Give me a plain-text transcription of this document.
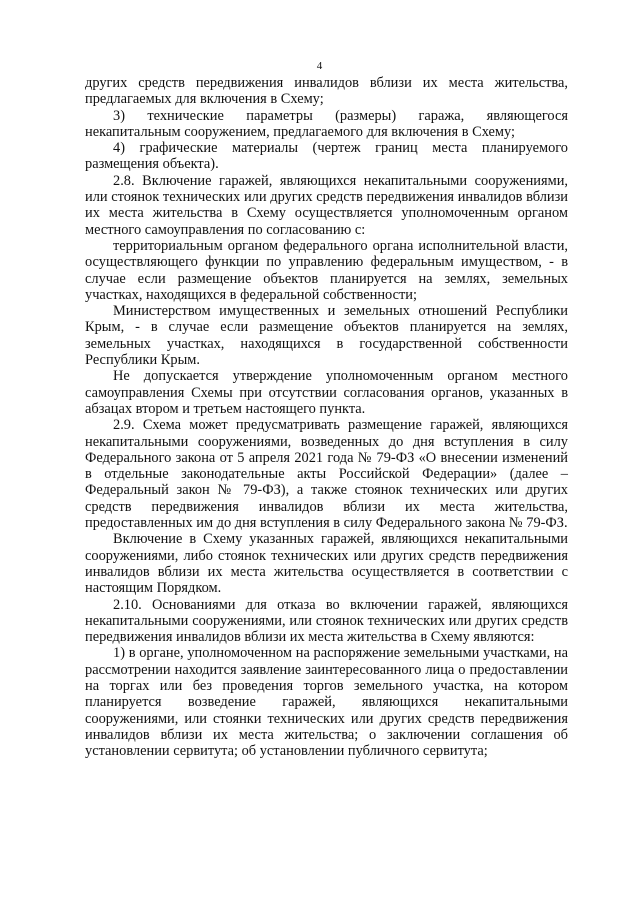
4

других средств передвижения инвалидов вблизи их места жительства, предлагаемых для включения в Схему;

3) технические параметры (размеры) гаража, являющегося некапитальным сооружением, предлагаемого для включения в Схему;

4) графические материалы (чертеж границ места планируемого размещения объекта).

2.8. Включение гаражей, являющихся некапитальными сооружениями, или стоянок технических или других средств передвижения инвалидов вблизи их места жительства в Схему осуществляется уполномоченным органом местного самоуправления по согласованию с:

территориальным органом федерального органа исполнительной власти, осуществляющего функции по управлению федеральным имуществом, - в случае если размещение объектов планируется на землях, земельных участках, находящихся в федеральной собственности;

Министерством имущественных и земельных отношений Республики Крым, - в случае если размещение объектов планируется на землях, земельных участках, находящихся в государственной собственности Республики Крым.

Не допускается утверждение уполномоченным органом местного самоуправления Схемы при отсутствии согласования органов, указанных в абзацах втором и третьем настоящего пункта.

2.9. Схема может предусматривать размещение гаражей, являющихся некапитальными сооружениями, возведенных до дня вступления в силу Федерального закона от 5 апреля 2021 года № 79-ФЗ «О внесении изменений в отдельные законодательные акты Российской Федерации» (далее – Федеральный закон № 79-ФЗ), а также стоянок технических или других средств передвижения инвалидов вблизи их места жительства, предоставленных им до дня вступления в силу Федерального закона № 79-ФЗ.

Включение в Схему указанных гаражей, являющихся некапитальными сооружениями, либо стоянок технических или других средств передвижения инвалидов вблизи их места жительства осуществляется в соответствии с настоящим Порядком.

2.10. Основаниями для отказа во включении гаражей, являющихся некапитальными сооружениями, или стоянок технических или других средств передвижения инвалидов вблизи их места жительства в Схему являются:

1) в органе, уполномоченном на распоряжение земельными участками, на рассмотрении находится заявление заинтересованного лица о предоставлении на торгах или без проведения торгов земельного участка, на котором планируется возведение гаражей, являющихся некапитальными сооружениями, или стоянки технических или других средств передвижения инвалидов вблизи их места жительства; о заключении соглашения об установлении сервитута; об установлении публичного сервитута;
